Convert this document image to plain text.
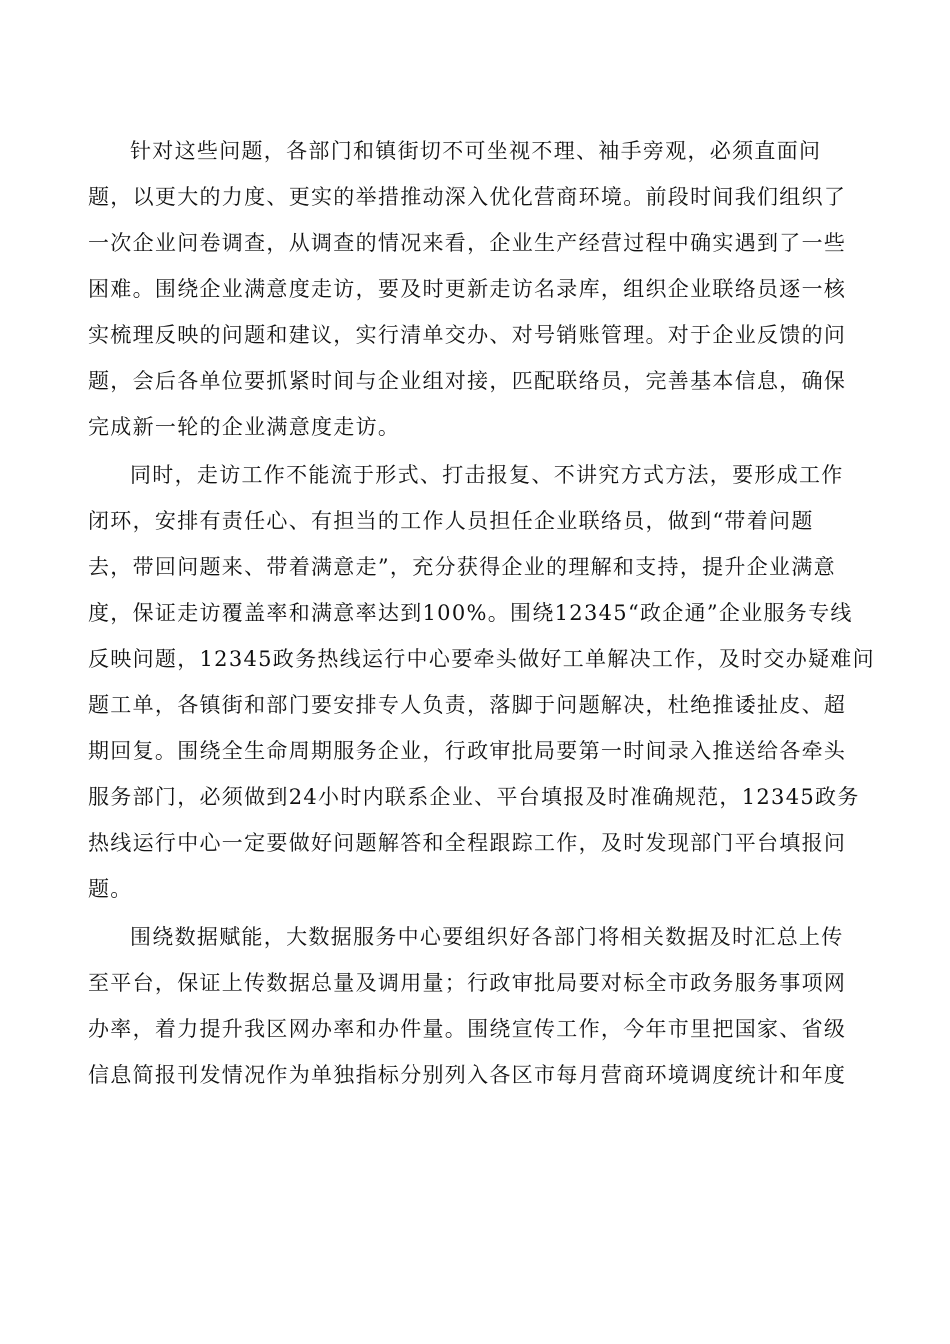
针对这些问题，各部门和镇街切不可坐视不理、袖手旁观，必须直面问
题，以更大的力度、更实的举措推动深入优化营商环境。前段时间我们组织了
一次企业问卷调查，从调查的情况来看，企业生产经营过程中确实遇到了一些
困难。围绕企业满意度走访，要及时更新走访名录库，组织企业联络员逐一核
实梳理反映的问题和建议，实行清单交办、对号销账管理。对于企业反馈的问
题，会后各单位要抓紧时间与企业组对接，匹配联络员，完善基本信息，确保
完成新一轮的企业满意度走访。
同时，走访工作不能流于形式、打击报复、不讲究方式方法，要形成工作
闭环，安排有责任心、有担当的工作人员担任企业联络员，做到“带着问题
去，带回问题来、带着满意走”，充分获得企业的理解和支持，提升企业满意
度，保证走访覆盖率和满意率达到100%。围绕12345“政企通”企业服务专线
反映问题，12345政务热线运行中心要牵头做好工单解决工作，及时交办疑难问
题工单，各镇街和部门要安排专人负责，落脚于问题解决，杜绝推诿扯皮、超
期回复。围绕全生命周期服务企业，行政审批局要第一时间录入推送给各牵头
服务部门，必须做到24小时内联系企业、平台填报及时准确规范，12345政务
热线运行中心一定要做好问题解答和全程跟踪工作，及时发现部门平台填报问
题。
围绕数据赋能，大数据服务中心要组织好各部门将相关数据及时汇总上传
至平台，保证上传数据总量及调用量；行政审批局要对标全市政务服务事项网
办率，着力提升我区网办率和办件量。围绕宣传工作，今年市里把国家、省级
信息简报刊发情况作为单独指标分别列入各区市每月营商环境调度统计和年度
